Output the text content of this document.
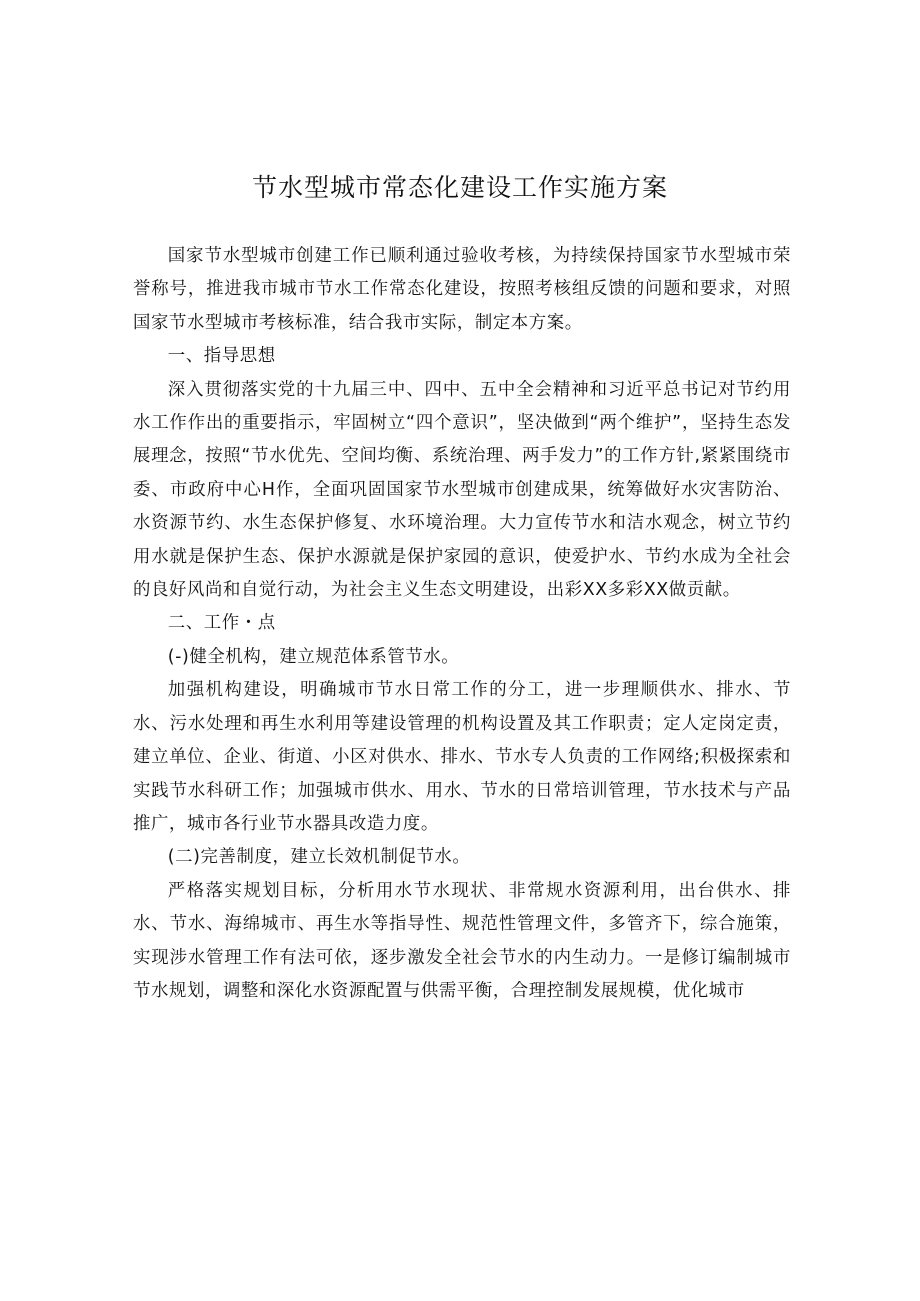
节水型城市常态化建设工作实施方案

国家节水型城市创建工作已顺利通过验收考核，为持续保持国家节水型城市荣誉称号，推进我市城市节水工作常态化建设，按照考核组反馈的问题和要求，对照国家节水型城市考核标准，结合我市实际，制定本方案。

一、指导思想

深入贯彻落实党的十九届三中、四中、五中全会精神和习近平总书记对节约用水工作作出的重要指示，牢固树立“四个意识”，坚决做到“两个维护”，坚持生态发展理念，按照“节水优先、空间均衡、系统治理、两手发力”的工作方针,紧紧围绕市委、市政府中心H作，全面巩固国家节水型城市创建成果，统筹做好水灾害防治、水资源节约、水生态保护修复、水环境治理。大力宣传节水和洁水观念，树立节约用水就是保护生态、保护水源就是保护家园的意识，使爱护水、节约水成为全社会的良好风尚和自觉行动，为社会主义生态文明建设，出彩XX多彩XX做贡献。

二、工作・点

(-)健全机构，建立规范体系管节水。

加强机构建设，明确城市节水日常工作的分工，进一步理顺供水、排水、节水、污水处理和再生水利用等建设管理的机构设置及其工作职责；定人定岗定责，建立单位、企业、街道、小区对供水、排水、节水专人负责的工作网络;积极探索和实践节水科研工作；加强城市供水、用水、节水的日常培训管理，节水技术与产品推广，城市各行业节水器具改造力度。

(二)完善制度，建立长效机制促节水。

严格落实规划目标，分析用水节水现状、非常规水资源利用，出台供水、排水、节水、海绵城市、再生水等指导性、规范性管理文件，多管齐下，综合施策，实现涉水管理工作有法可依，逐步激发全社会节水的内生动力。一是修订编制城市节水规划，调整和深化水资源配置与供需平衡，合理控制发展规模，优化城市
